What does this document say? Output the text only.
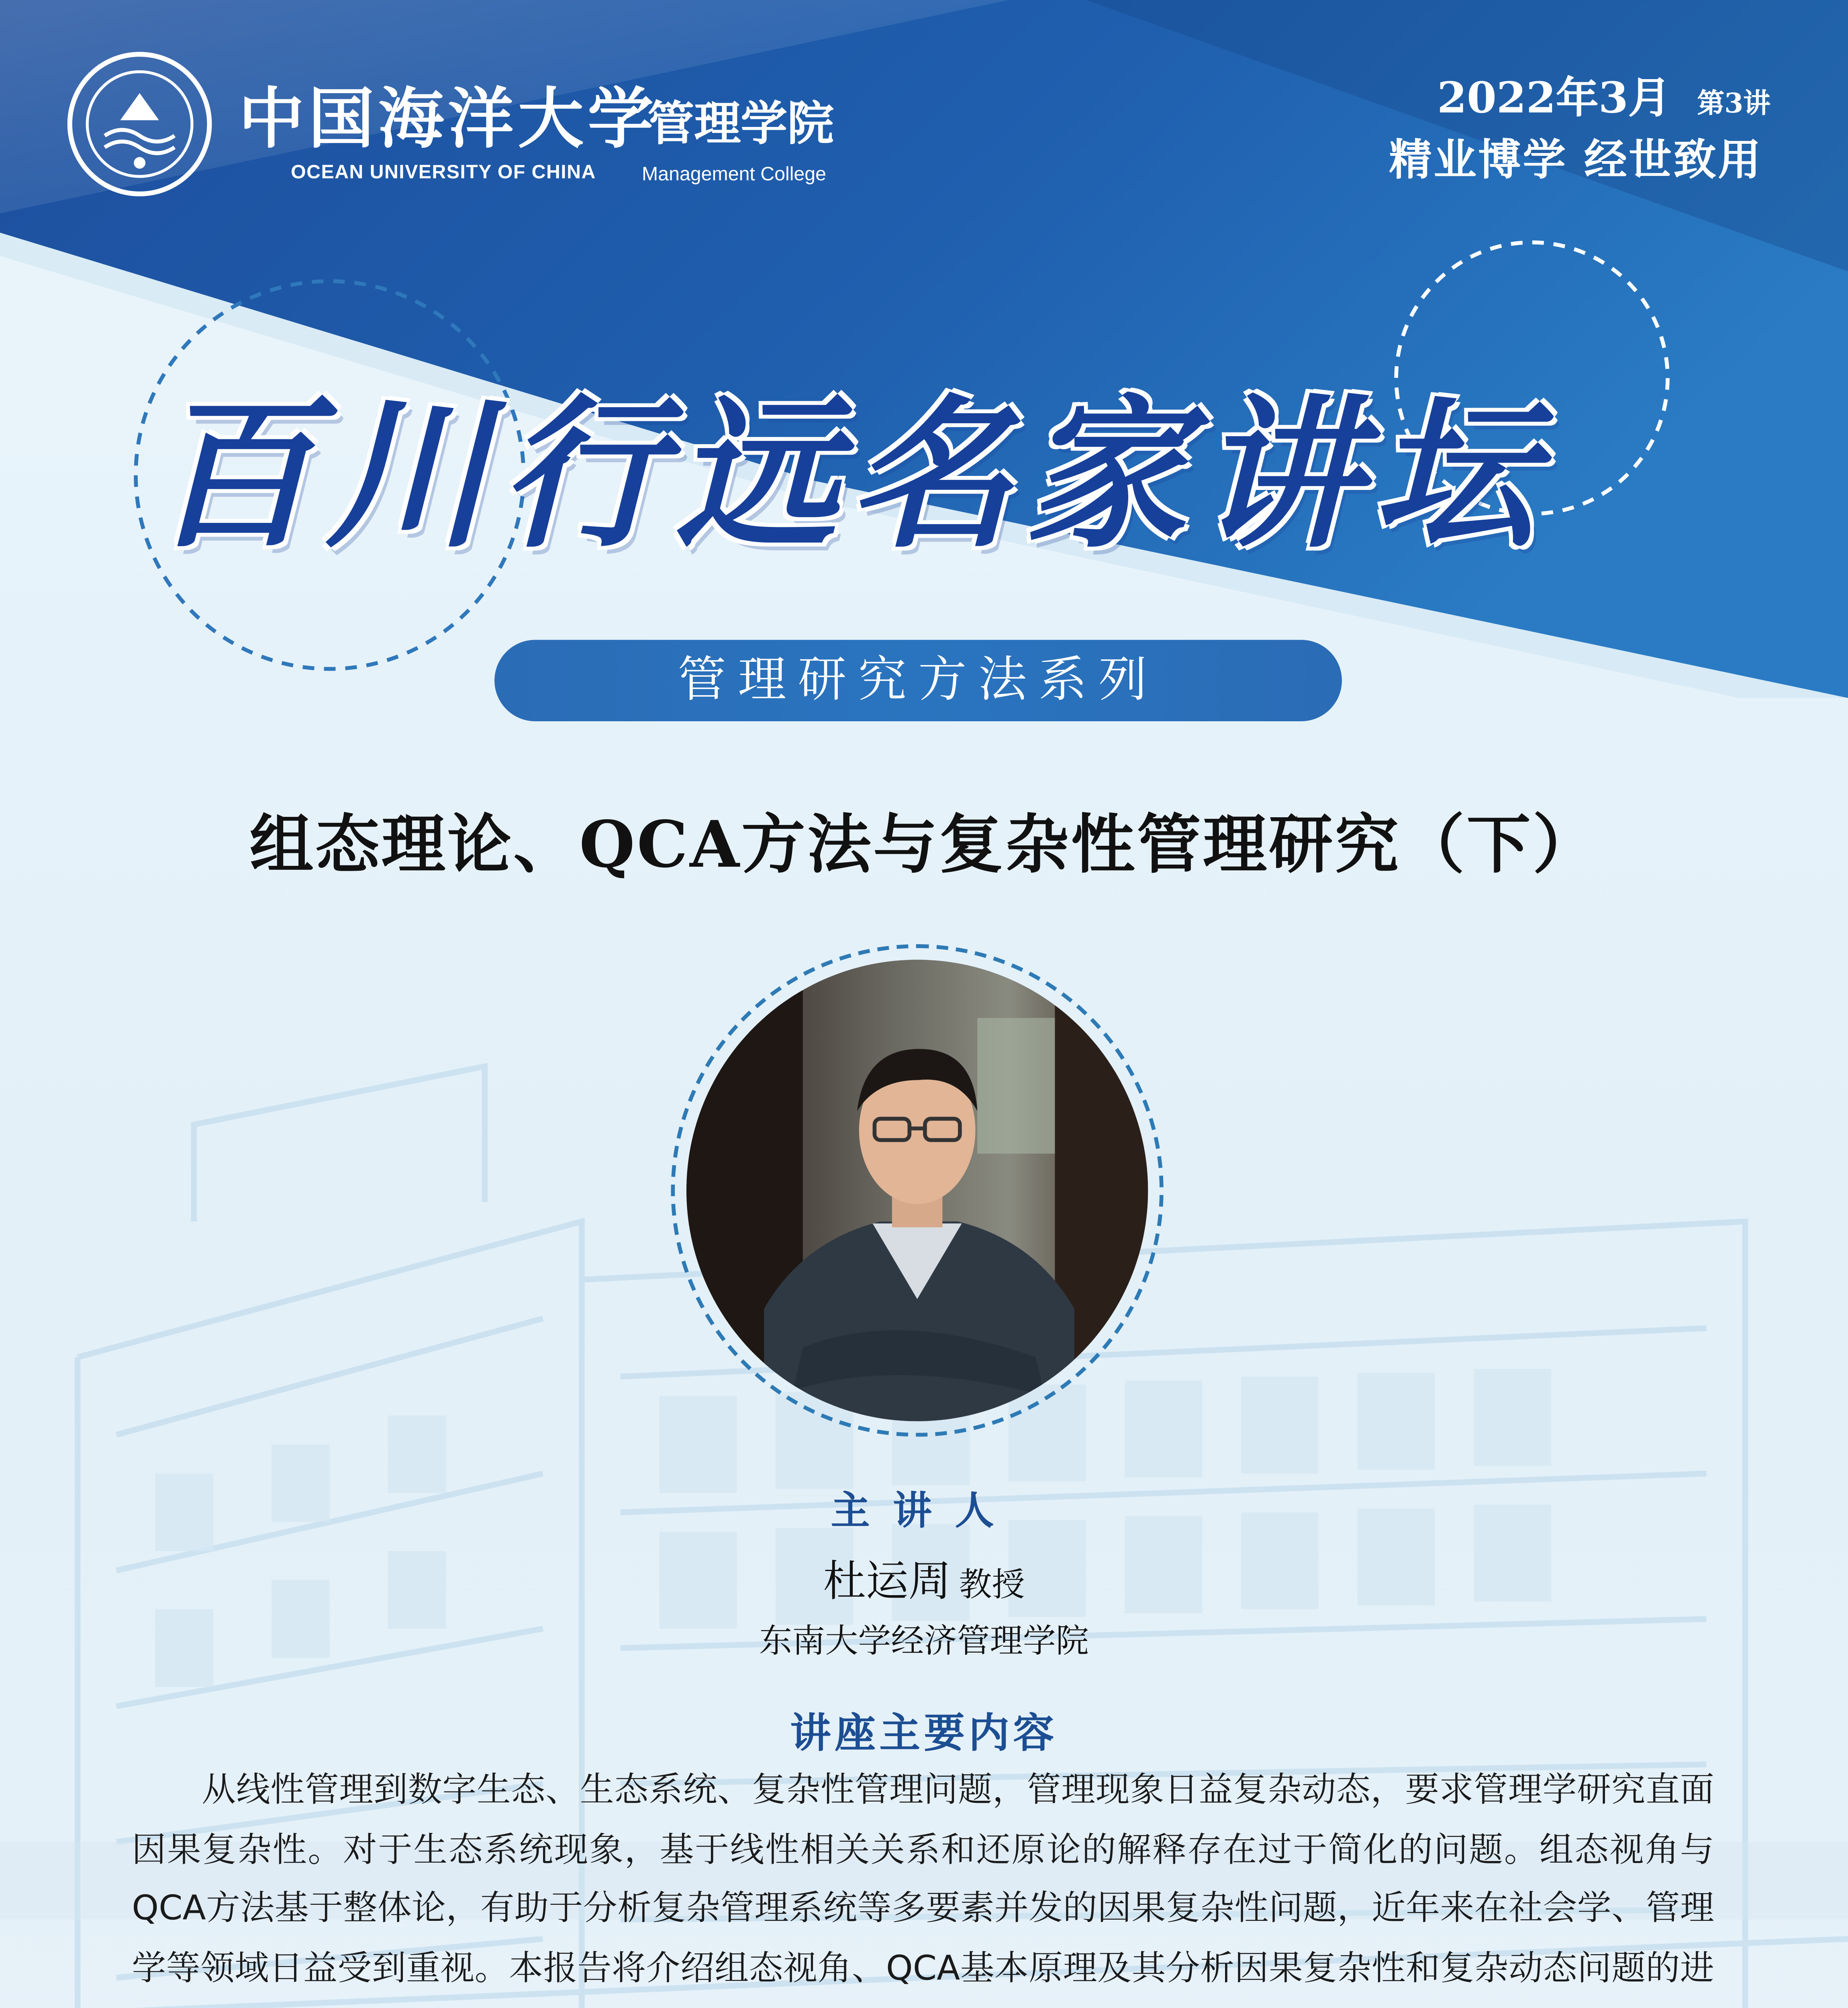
中国海洋大学
管理学院
OCEAN UNIVERSITY OF CHINA	Management College
2022年3月	第3讲
精业博学 经世致用
百川行远名家讲坛
管理研究方法系列
组态理论、QCA方法与复杂性管理研究（下）
主讲人
杜运周 教授
东南大学经济管理学院
讲座主要内容
从线性管理到数字生态、生态系统、复杂性管理问题，管理现象日益复杂动态，要求管理学研究直面因果复杂性。对于生态系统现象，基于线性相关关系和还原论的解释存在过于简化的问题。组态视角与QCA方法基于整体论，有助于分析复杂管理系统等多要素并发的因果复杂性问题，近年来在社会学、管理学等领域日益受到重视。本报告将介绍组态视角、QCA基本原理及其分析因果复杂性和复杂动态问题的进
